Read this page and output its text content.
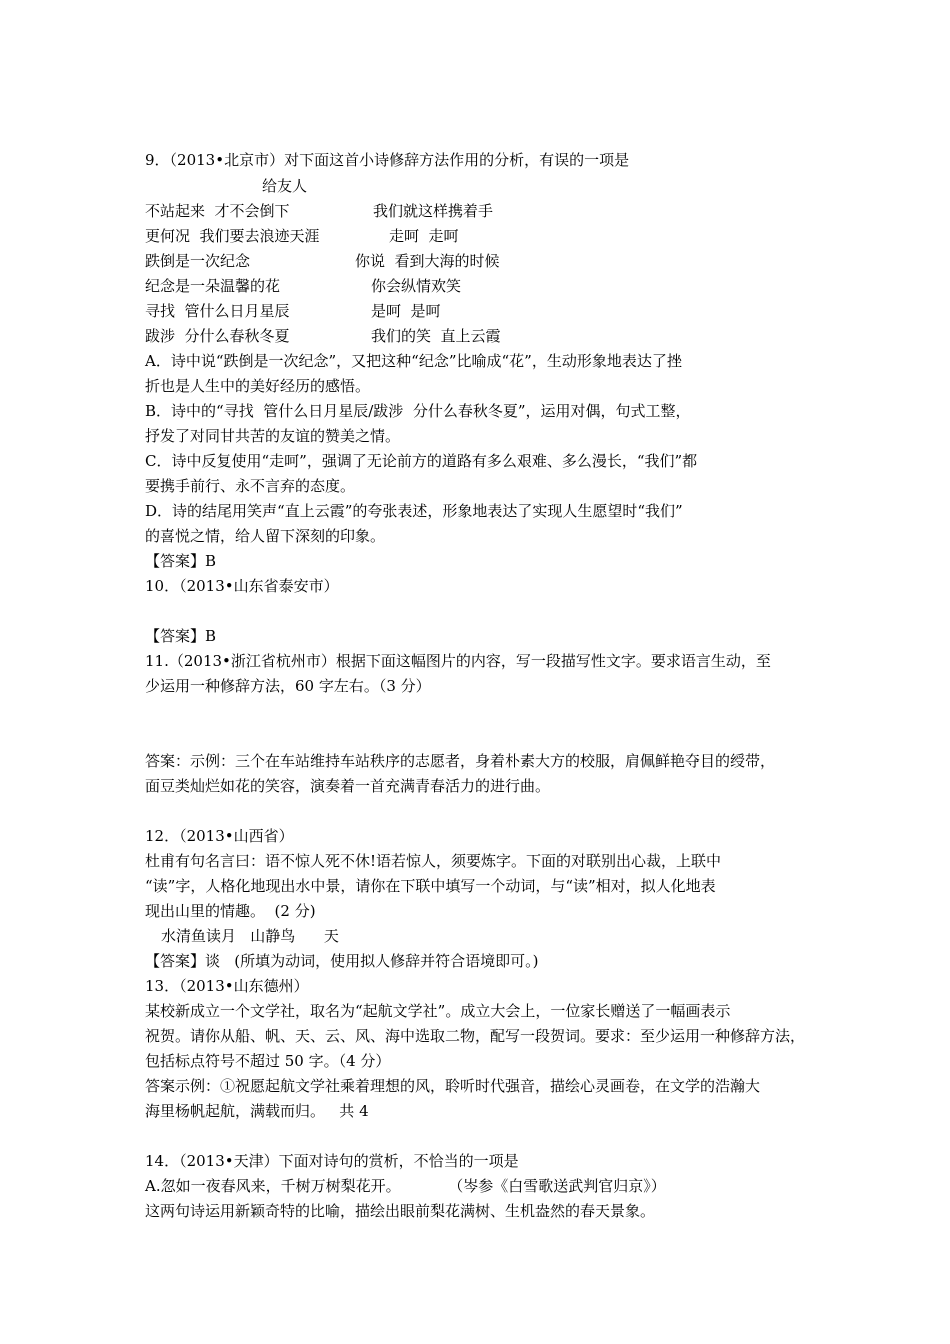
9．（2013•北京市）对下面这首小诗修辞方法作用的分析，有误的一项是
给友人
不站起来  才不会倒下	我们就这样携着手
更何况  我们要去浪迹天涯	走呵  走呵
跌倒是一次纪念	你说  看到大海的时候
纪念是一朵温馨的花	你会纵情欢笑
寻找  管什么日月星辰	是呵  是呵
跋涉  分什么春秋冬夏	我们的笑  直上云霞
A．诗中说“跌倒是一次纪念”，又把这种“纪念”比喻成“花”，生动形象地表达了挫
折也是人生中的美好经历的感悟。
B．诗中的“寻找  管什么日月星辰/跋涉  分什么春秋冬夏”，运用对偶，句式工整，
抒发了对同甘共苦的友谊的赞美之情。
C．诗中反复使用“走呵”，强调了无论前方的道路有多么艰难、多么漫长，“我们”都
要携手前行、永不言弃的态度。
D．诗的结尾用笑声“直上云霞”的夸张表述，形象地表达了实现人生愿望时“我们”
的喜悦之情，给人留下深刻的印象。
【答案】B
10．（2013•山东省泰安市）
【答案】B
11.（2013•浙江省杭州市）根据下面这幅图片的内容，写一段描写性文字。要求语言生动，至
少运用一种修辞方法，60 字左右。（3 分）
答案：示例：三个在车站维持车站秩序的志愿者，身着朴素大方的校服，肩佩鲜艳夺目的绶带，
面豆类灿烂如花的笑容，演奏着一首充满青春活力的进行曲。
12．（2013•山西省）
杜甫有句名言曰：语不惊人死不休!语若惊人，须要炼字。下面的对联别出心裁，上联中
“读”字，人格化地现出水中景，请你在下联中填写一个动词，与“读”相对，拟人化地表
现出山里的情趣。  (2 分)
水清鱼读月   山静鸟      天
【答案】谈   (所填为动词，使用拟人修辞并符合语境即可。)
13．（2013•山东德州）
某校新成立一个文学社，取名为“起航文学社”。成立大会上，一位家长赠送了一幅画表示
祝贺。请你从船、帆、天、云、风、海中选取二物，配写一段贺词。要求：至少运用一种修辞方法，
包括标点符号不超过 50 字。（4 分）
答案示例：①祝愿起航文学社乘着理想的风，聆听时代强音，描绘心灵画卷，在文学的浩瀚大
海里杨帆起航，满载而归。   共 4
14．（2013•天津）下面对诗句的赏析，不恰当的一项是
A.忽如一夜春风来，千树万树梨花开。          （岑参《白雪歌送武判官归京》）
这两句诗运用新颖奇特的比喻，描绘出眼前梨花满树、生机盎然的春天景象。
